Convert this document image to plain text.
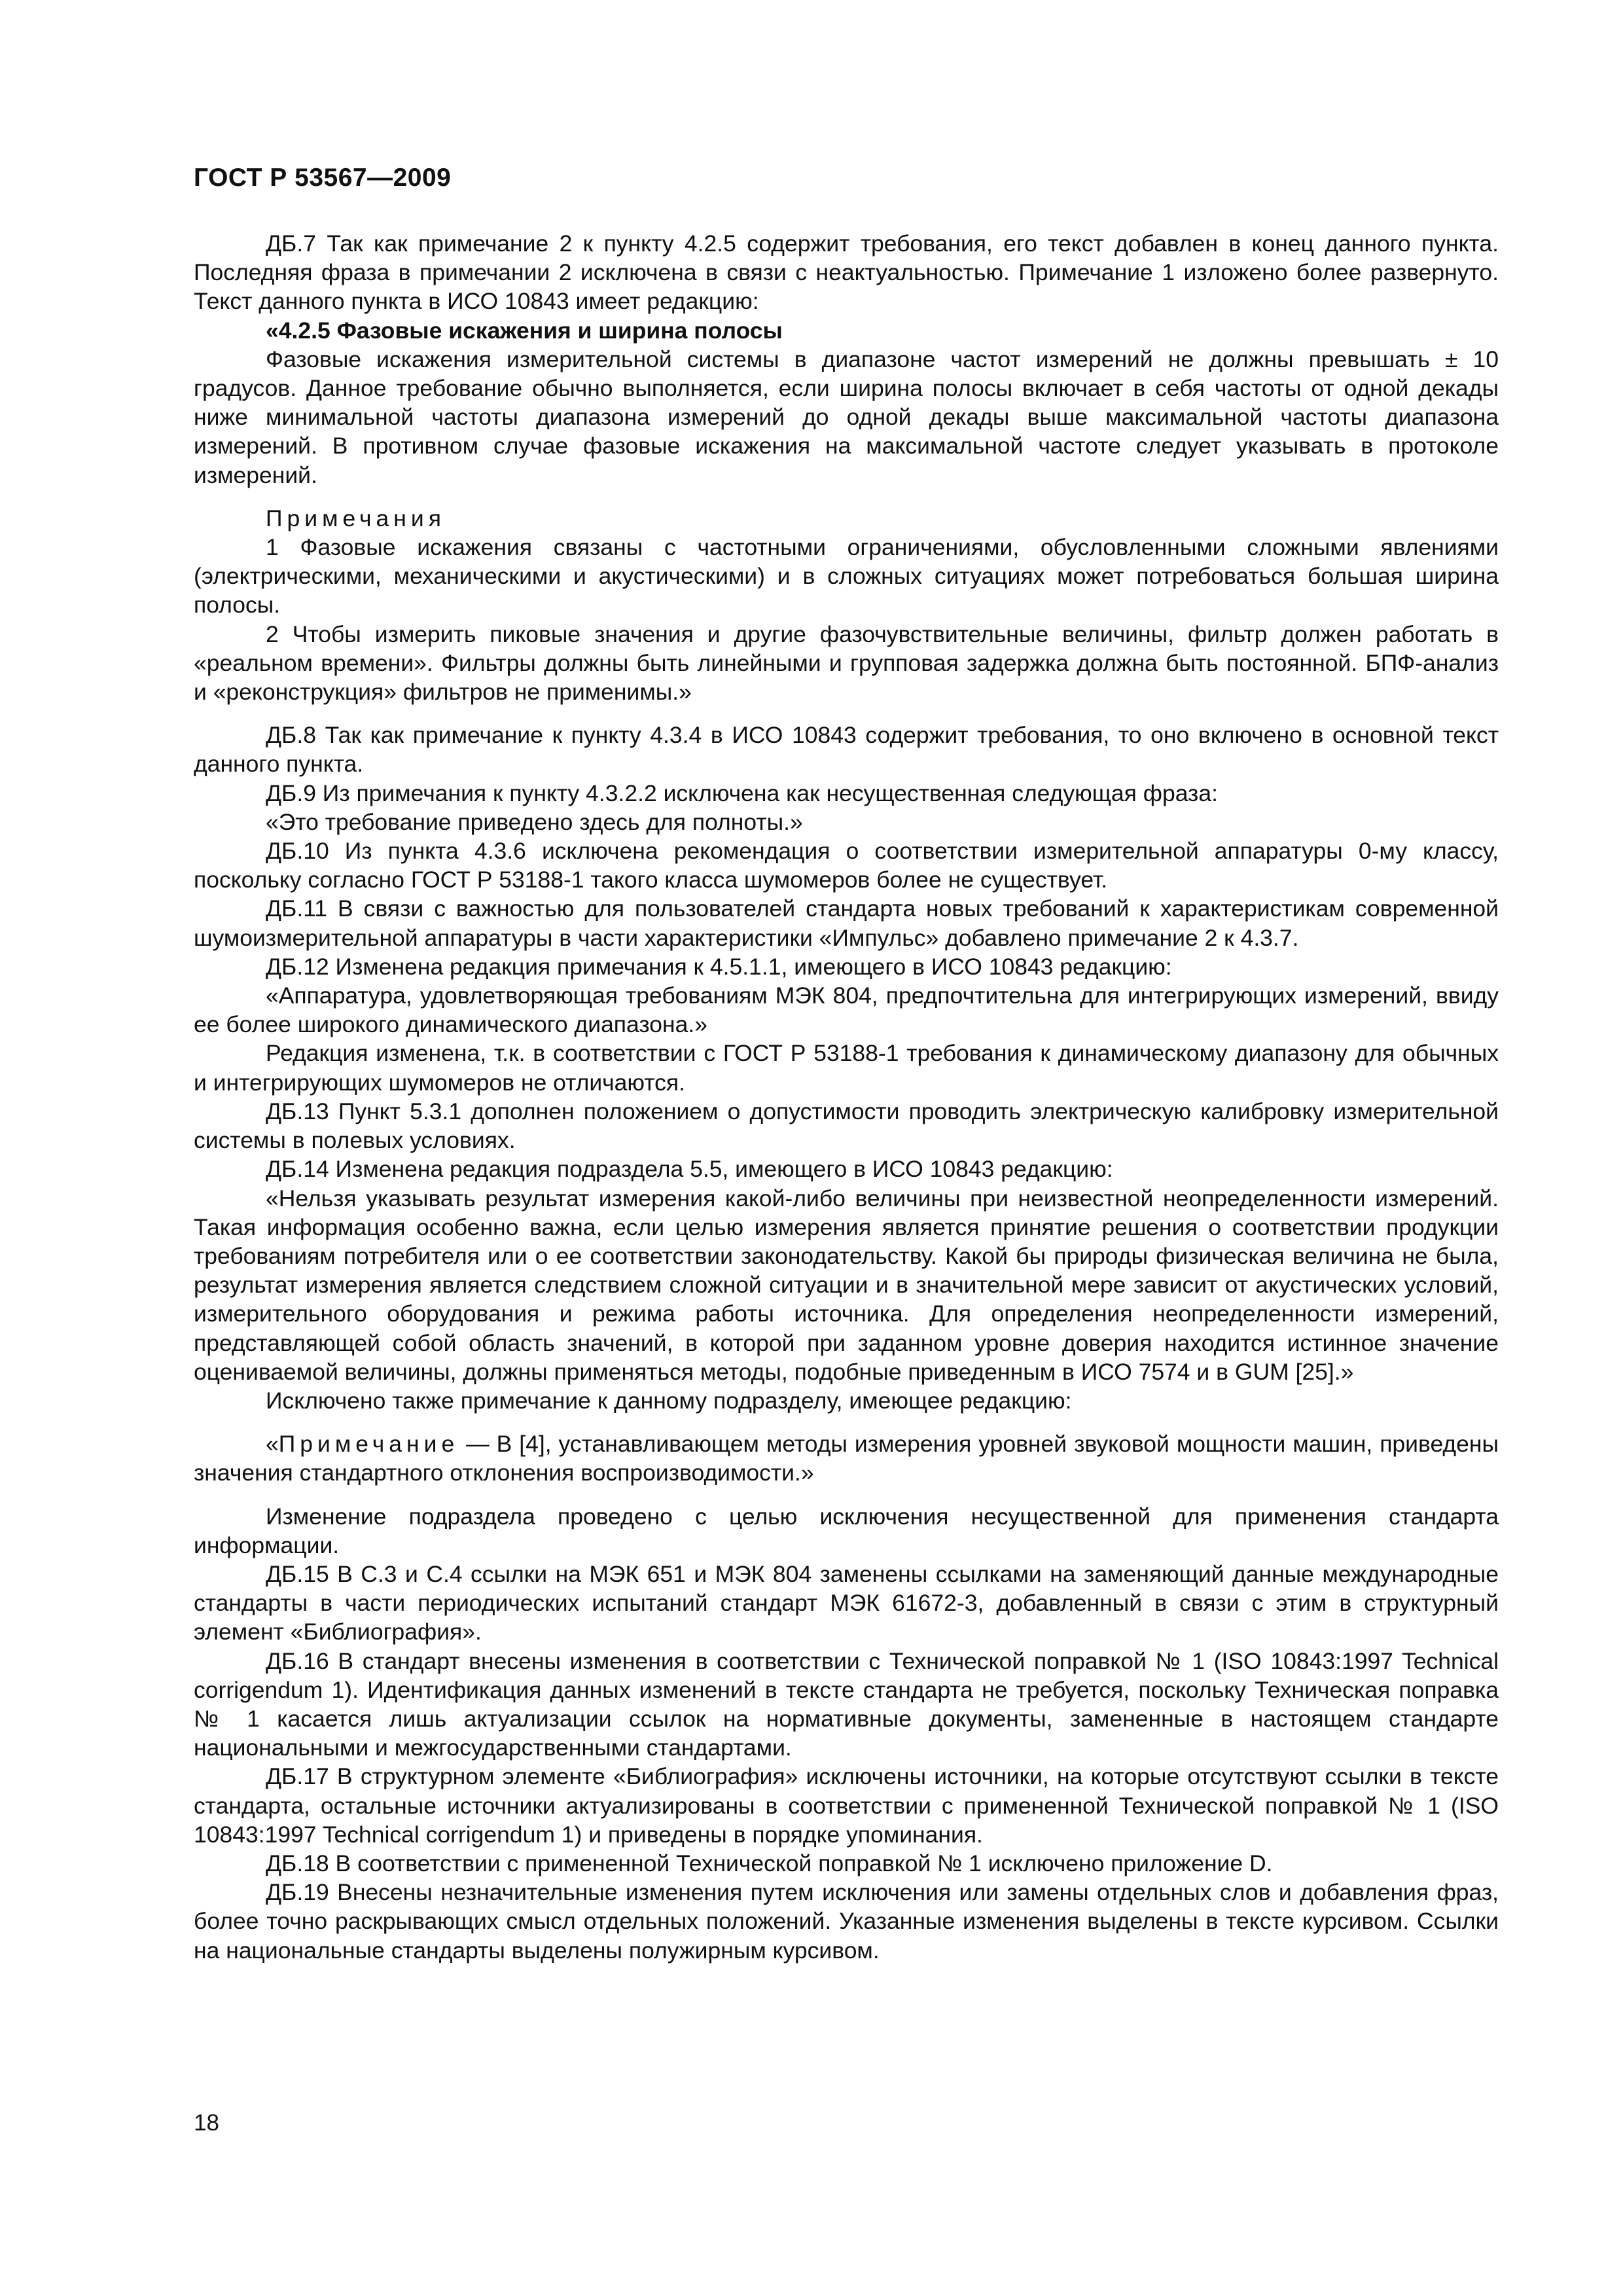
ГОСТ Р 53567—2009

ДБ.7 Так как примечание 2 к пункту 4.2.5 содержит требования, его текст добавлен в конец данного пункта. Последняя фраза в примечании 2 исключена в связи с неактуальностью. Примечание 1 изложено более развернуто. Текст данного пункта в ИСО 10843 имеет редакцию:

«4.2.5 Фазовые искажения и ширина полосы

Фазовые искажения измерительной системы в диапазоне частот измерений не должны превышать ± 10 градусов. Данное требование обычно выполняется, если ширина полосы включает в себя частоты от одной декады ниже минимальной частоты диапазона измерений до одной декады выше максимальной частоты диапазона измерений. В противном случае фазовые искажения на максимальной частоте следует указывать в протоколе измерений.

Примечания

1 Фазовые искажения связаны с частотными ограничениями, обусловленными сложными явлениями (электрическими, механическими и акустическими) и в сложных ситуациях может потребоваться большая ширина полосы.

2 Чтобы измерить пиковые значения и другие фазочувствительные величины, фильтр должен работать в «реальном времени». Фильтры должны быть линейными и групповая задержка должна быть постоянной. БПФ-анализ и «реконструкция» фильтров не применимы.»

ДБ.8 Так как примечание к пункту 4.3.4 в ИСО 10843 содержит требования, то оно включено в основной текст данного пункта.

ДБ.9 Из примечания к пункту 4.3.2.2 исключена как несущественная следующая фраза:

«Это требование приведено здесь для полноты.»

ДБ.10 Из пункта 4.3.6 исключена рекомендация о соответствии измерительной аппаратуры 0-му классу, поскольку согласно ГОСТ Р 53188-1 такого класса шумомеров более не существует.

ДБ.11 В связи с важностью для пользователей стандарта новых требований к характеристикам современной шумоизмерительной аппаратуры в части характеристики «Импульс» добавлено примечание 2 к 4.3.7.

ДБ.12 Изменена редакция примечания к 4.5.1.1, имеющего в ИСО 10843 редакцию:

«Аппаратура, удовлетворяющая требованиям МЭК 804, предпочтительна для интегрирующих измерений, ввиду ее более широкого динамического диапазона.»

Редакция изменена, т.к. в соответствии с ГОСТ Р 53188-1 требования к динамическому диапазону для обычных и интегрирующих шумомеров не отличаются.

ДБ.13 Пункт 5.3.1 дополнен положением о допустимости проводить электрическую калибровку измерительной системы в полевых условиях.

ДБ.14 Изменена редакция подраздела 5.5, имеющего в ИСО 10843 редакцию:

«Нельзя указывать результат измерения какой-либо величины при неизвестной неопределенности измерений. Такая информация особенно важна, если целью измерения является принятие решения о соответствии продукции требованиям потребителя или о ее соответствии законодательству. Какой бы природы физическая величина не была, результат измерения является следствием сложной ситуации и в значительной мере зависит от акустических условий, измерительного оборудования и режима работы источника. Для определения неопределенности измерений, представляющей собой область значений, в которой при заданном уровне доверия находится истинное значение оцениваемой величины, должны применяться методы, подобные приведенным в ИСО 7574 и в GUM [25].»

Исключено также примечание к данному подразделу, имеющее редакцию:

«Примечание — В [4], устанавливающем методы измерения уровней звуковой мощности машин, приведены значения стандартного отклонения воспроизводимости.»

Изменение подраздела проведено с целью исключения несущественной для применения стандарта информации.

ДБ.15 В С.3 и С.4 ссылки на МЭК 651 и МЭК 804 заменены ссылками на заменяющий данные международные стандарты в части периодических испытаний стандарт МЭК 61672-3, добавленный в связи с этим в структурный элемент «Библиография».

ДБ.16 В стандарт внесены изменения в соответствии с Технической поправкой № 1 (ISO 10843:1997 Technical corrigendum 1). Идентификация данных изменений в тексте стандарта не требуется, поскольку Техническая поправка № 1 касается лишь актуализации ссылок на нормативные документы, замененные в настоящем стандарте национальными и межгосударственными стандартами.

ДБ.17 В структурном элементе «Библиография» исключены источники, на которые отсутствуют ссылки в тексте стандарта, остальные источники актуализированы в соответствии с примененной Технической поправкой № 1 (ISO 10843:1997 Technical corrigendum 1) и приведены в порядке упоминания.

ДБ.18 В соответствии с примененной Технической поправкой № 1 исключено приложение D.

ДБ.19 Внесены незначительные изменения путем исключения или замены отдельных слов и добавления фраз, более точно раскрывающих смысл отдельных положений. Указанные изменения выделены в тексте курсивом. Ссылки на национальные стандарты выделены полужирным курсивом.

18
